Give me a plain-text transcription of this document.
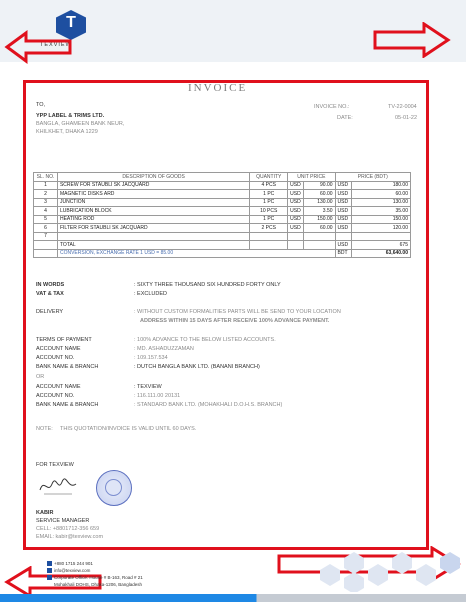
T
TEXVIEW
INVOICE
TO,
YPP LABEL & TRIMS LTD.
BANGLA, GHAMEEN BANK NEUR,
KHILKHET, DHAKA 1229
INVOICE NO.:	TV-22-0004
DATE:	05-01-22
SL. NO.	DESCRIPTION OF GOODS	QUANTITY	UNIT PRICE		PRICE (BDT)	
1	SCREW FOR STAUBLI SK JACQUARD	4 PCS	USD	90.00	USD	180.00
2	MAGNETIC DISKS ARD	1 PC	USD	60.00	USD	60.00
3	JUNCTION	1 PC	USD	130.00	USD	130.00
4	LUBRICATION BLOCK	10 PCS	USD	3.50	USD	35.00
5	HEATING ROD	1 PC	USD	150.00	USD	150.00
6	FILTER FOR STAUBLI SK JACQUARD	2 PCS	USD	60.00	USD	120.00
7						
	TOTAL				USD	675
	CONVERSION, EXCHANGE RATE 1 USD = 85.00				BDT	63,640.00
IN WORDS	: SIXTY THREE THOUSAND SIX HUNDRED FORTY ONLY
VAT & TAX	: EXCLUDED
DELIVERY	: WITHOUT CUSTOM FORMALITIES PARTS WILL BE SEND TO YOUR LOCATION
ADDRESS WITHIN 15 DAYS AFTER RECEIVE 100% ADVANCE PAYMENT.
TERMS OF PAYMENT	: 100% ADVANCE TO THE BELOW LISTED ACCOUNTS.
ACCOUNT NAME	: MD. ASHADUZZAMAN
ACCOUNT NO.	: 109.157.534
BANK NAME & BRANCH	: DUTCH BANGLA BANK LTD. (BANANI BRANCH)
OR
ACCOUNT NAME	: TEXVIEW
ACCOUNT NO.	: 116.111.00 20131
BANK NAME & BRANCH	: STANDARD BANK LTD. (MOHAKHALI D.O.H.S. BRANCH)
NOTE: THIS QUOTATION/INVOICE IS VALID UNTIL 60 DAYS.
FOR TEXVIEW
KABIR
SERVICE MANAGER
CELL: +8801712-356 659
EMAIL: kabir@texview.com
+880 1715 244 901
info@texview.com
Corporate Office: House # B-163, Road # 21
Mohakhali DOHS, Dhaka-1206, Bangladesh
